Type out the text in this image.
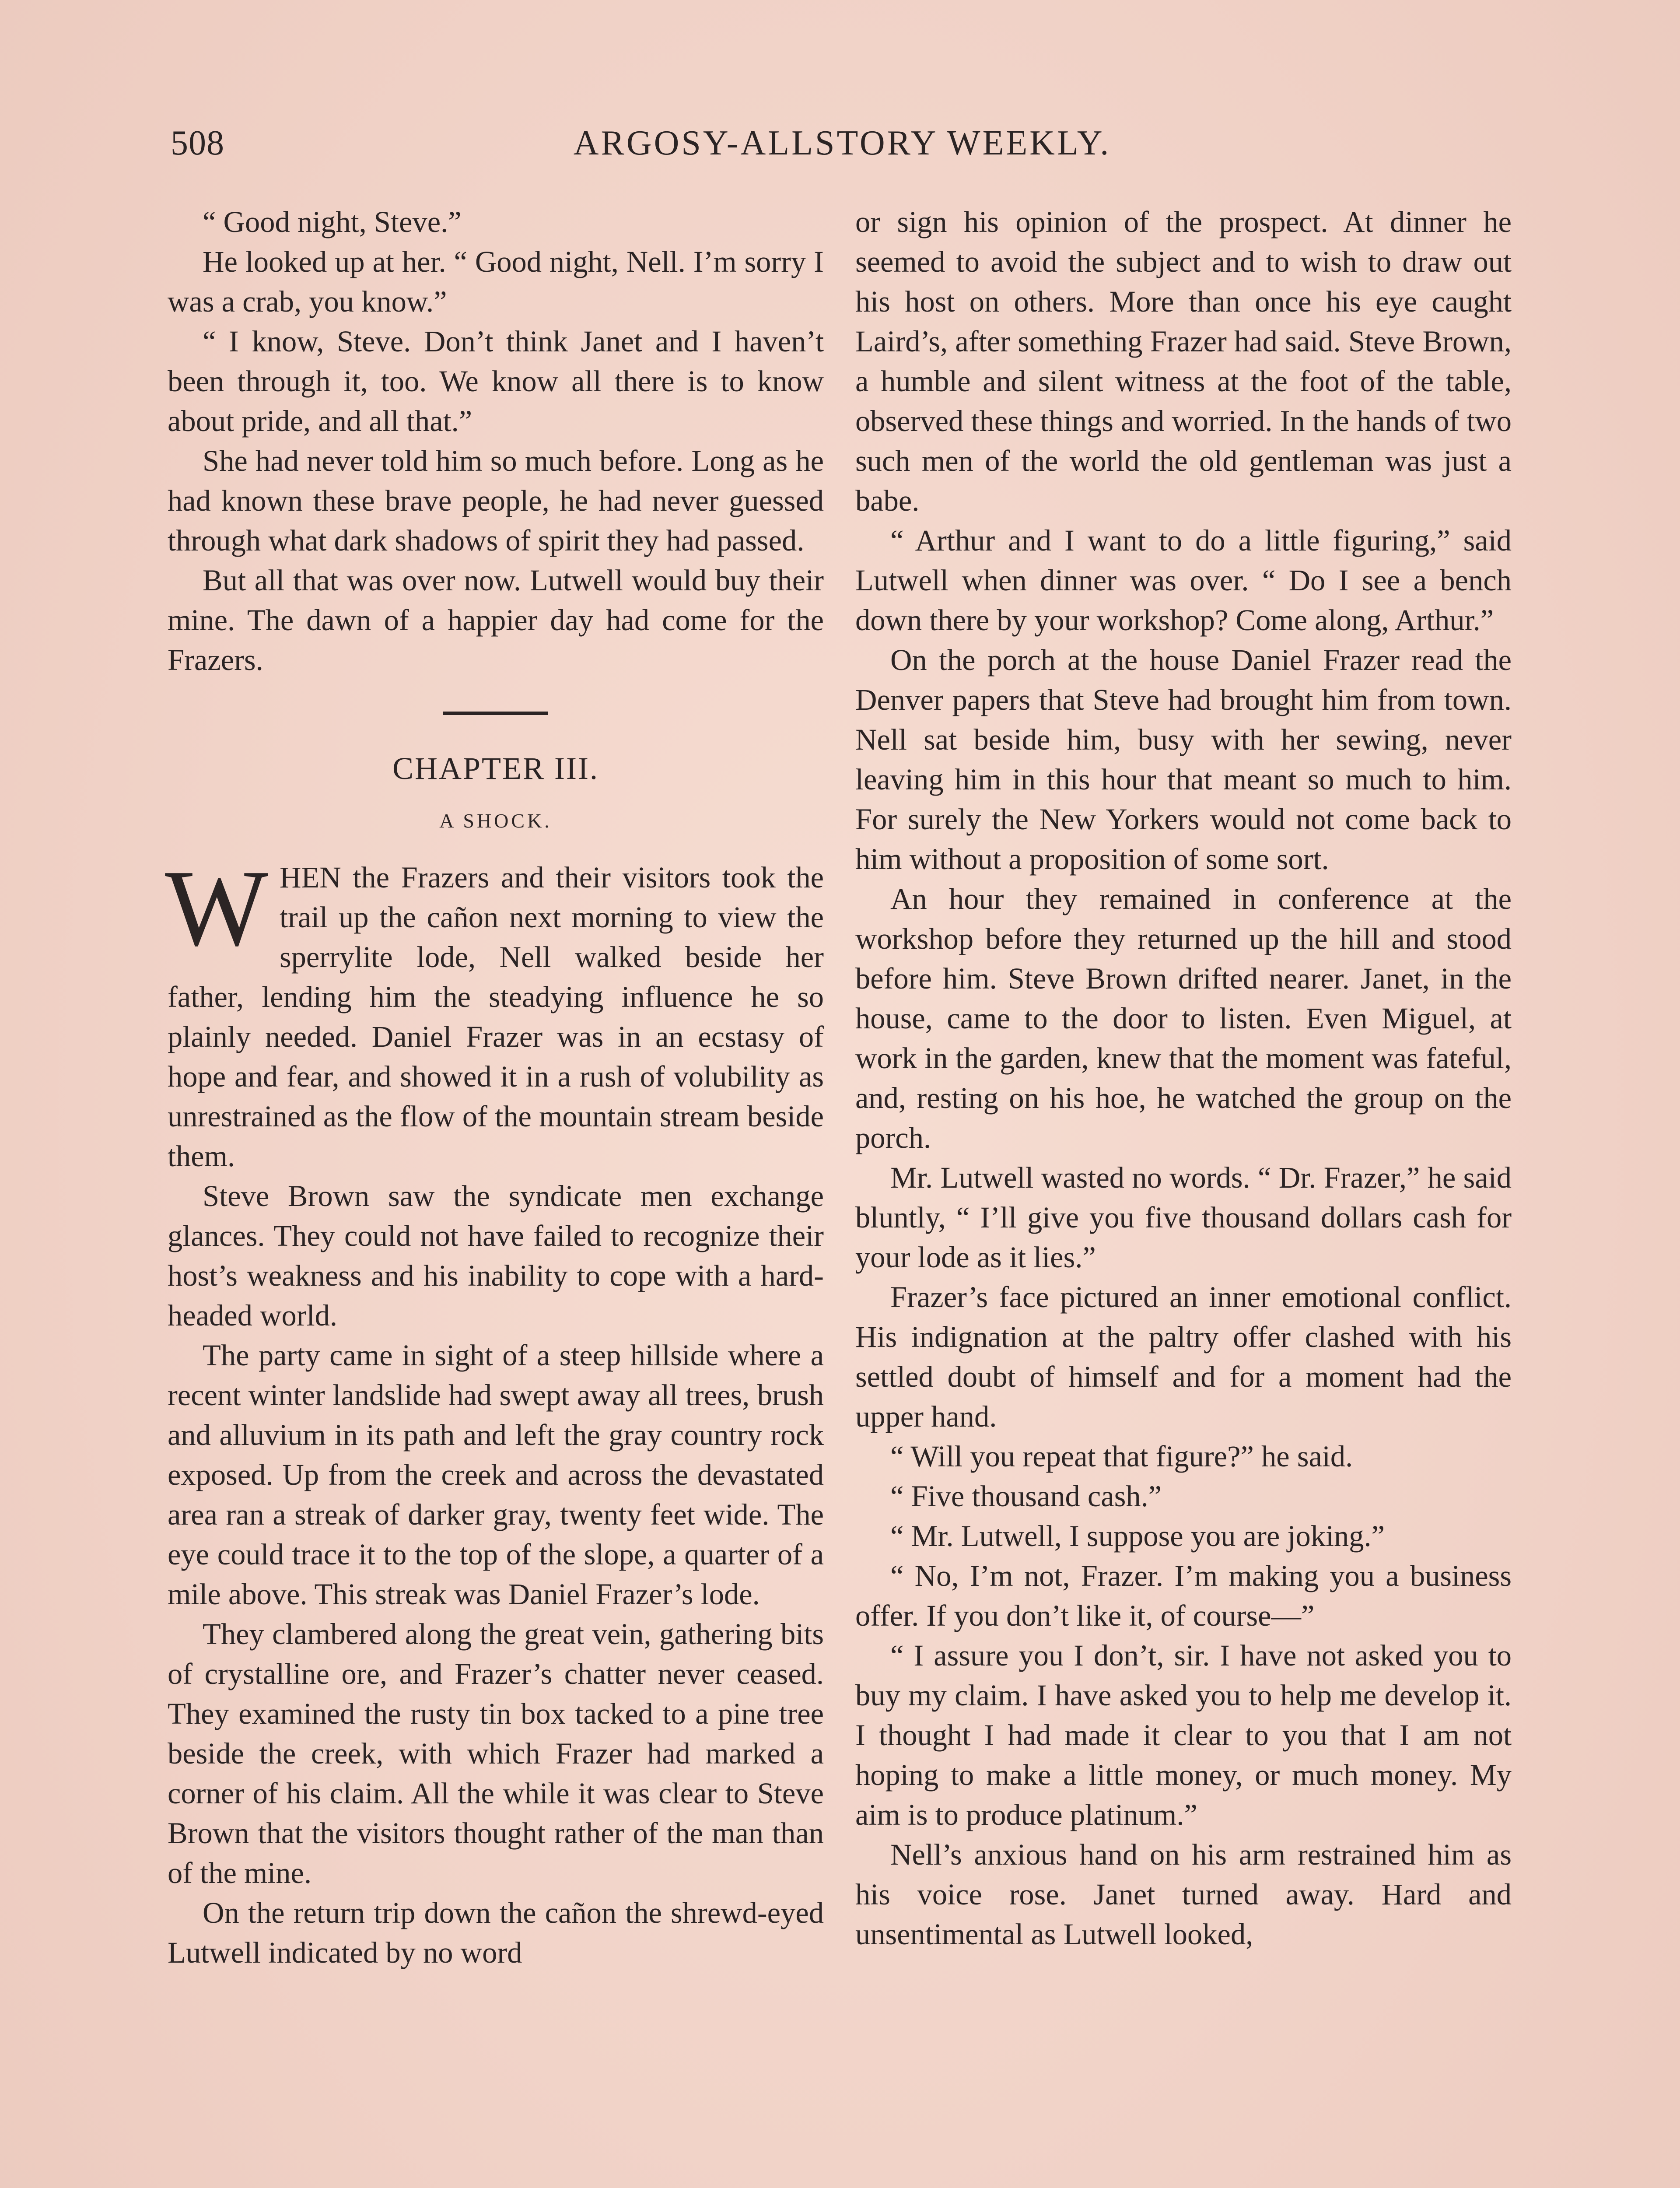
508	ARGOSY-ALLSTORY WEEKLY.

“ Good night, Steve.”

He looked up at her. “ Good night, Nell. I’m sorry I was a crab, you know.”

“ I know, Steve. Don’t think Janet and I haven’t been through it, too. We know all there is to know about pride, and all that.”

She had never told him so much before. Long as he had known these brave people, he had never guessed through what dark shadows of spirit they had passed.

But all that was over now. Lutwell would buy their mine. The dawn of a happier day had come for the Frazers.

CHAPTER III.
A SHOCK.

WHEN the Frazers and their visitors took the trail up the cañon next morning to view the sperrylite lode, Nell walked beside her father, lending him the steadying influence he so plainly needed. Daniel Frazer was in an ecstasy of hope and fear, and showed it in a rush of volubility as unrestrained as the flow of the mountain stream beside them.

Steve Brown saw the syndicate men exchange glances. They could not have failed to recognize their host’s weakness and his inability to cope with a hard-headed world.

The party came in sight of a steep hillside where a recent winter landslide had swept away all trees, brush and alluvium in its path and left the gray country rock exposed. Up from the creek and across the devastated area ran a streak of darker gray, twenty feet wide. The eye could trace it to the top of the slope, a quarter of a mile above. This streak was Daniel Frazer’s lode.

They clambered along the great vein, gathering bits of crystalline ore, and Frazer’s chatter never ceased. They examined the rusty tin box tacked to a pine tree beside the creek, with which Frazer had marked a corner of his claim. All the while it was clear to Steve Brown that the visitors thought rather of the man than of the mine.

On the return trip down the cañon the shrewd-eyed Lutwell indicated by no word

or sign his opinion of the prospect. At dinner he seemed to avoid the subject and to wish to draw out his host on others. More than once his eye caught Laird’s, after something Frazer had said. Steve Brown, a humble and silent witness at the foot of the table, observed these things and worried. In the hands of two such men of the world the old gentleman was just a babe.

“ Arthur and I want to do a little figuring,” said Lutwell when dinner was over. “ Do I see a bench down there by your workshop? Come along, Arthur.”

On the porch at the house Daniel Frazer read the Denver papers that Steve had brought him from town. Nell sat beside him, busy with her sewing, never leaving him in this hour that meant so much to him. For surely the New Yorkers would not come back to him without a proposition of some sort.

An hour they remained in conference at the workshop before they returned up the hill and stood before him. Steve Brown drifted nearer. Janet, in the house, came to the door to listen. Even Miguel, at work in the garden, knew that the moment was fateful, and, resting on his hoe, he watched the group on the porch.

Mr. Lutwell wasted no words. “ Dr. Frazer,” he said bluntly, “ I’ll give you five thousand dollars cash for your lode as it lies.”

Frazer’s face pictured an inner emotional conflict. His indignation at the paltry offer clashed with his settled doubt of himself and for a moment had the upper hand.

“ Will you repeat that figure?” he said.

“ Five thousand cash.”

“ Mr. Lutwell, I suppose you are joking.”

“ No, I’m not, Frazer. I’m making you a business offer. If you don’t like it, of course—”

“ I assure you I don’t, sir. I have not asked you to buy my claim. I have asked you to help me develop it. I thought I had made it clear to you that I am not hoping to make a little money, or much money. My aim is to produce platinum.”

Nell’s anxious hand on his arm restrained him as his voice rose. Janet turned away. Hard and unsentimental as Lutwell looked,
